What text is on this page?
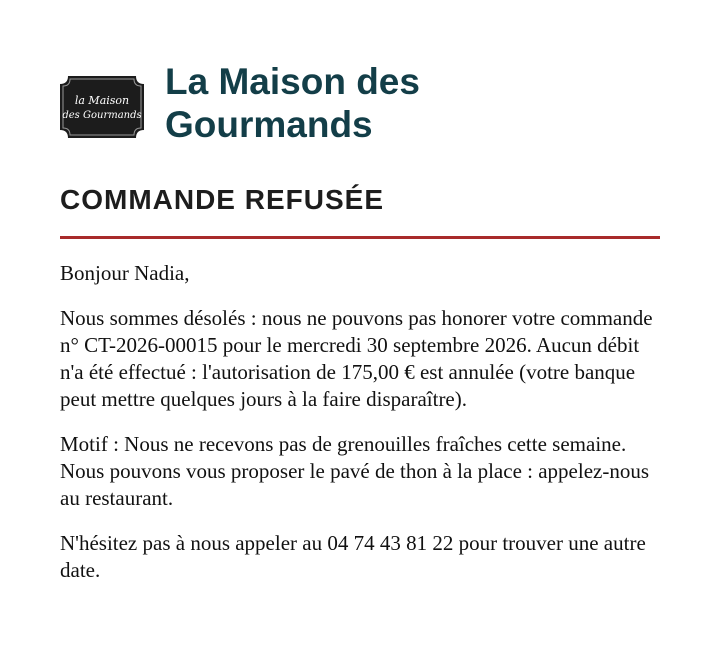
la Maison
des Gourmands
La Maison des Gourmands
COMMANDE REFUSÉE

Bonjour Nadia,

Nous sommes désolés : nous ne pouvons pas honorer votre commande n° CT-2026-00015 pour le mercredi 30 septembre 2026. Aucun débit n'a été effectué : l'autorisation de 175,00 € est annulée (votre banque peut mettre quelques jours à la faire disparaître).

Motif : Nous ne recevons pas de grenouilles fraîches cette semaine. Nous pouvons vous proposer le pavé de thon à la place : appelez-nous au restaurant.

N'hésitez pas à nous appeler au 04 74 43 81 22 pour trouver une autre date.
